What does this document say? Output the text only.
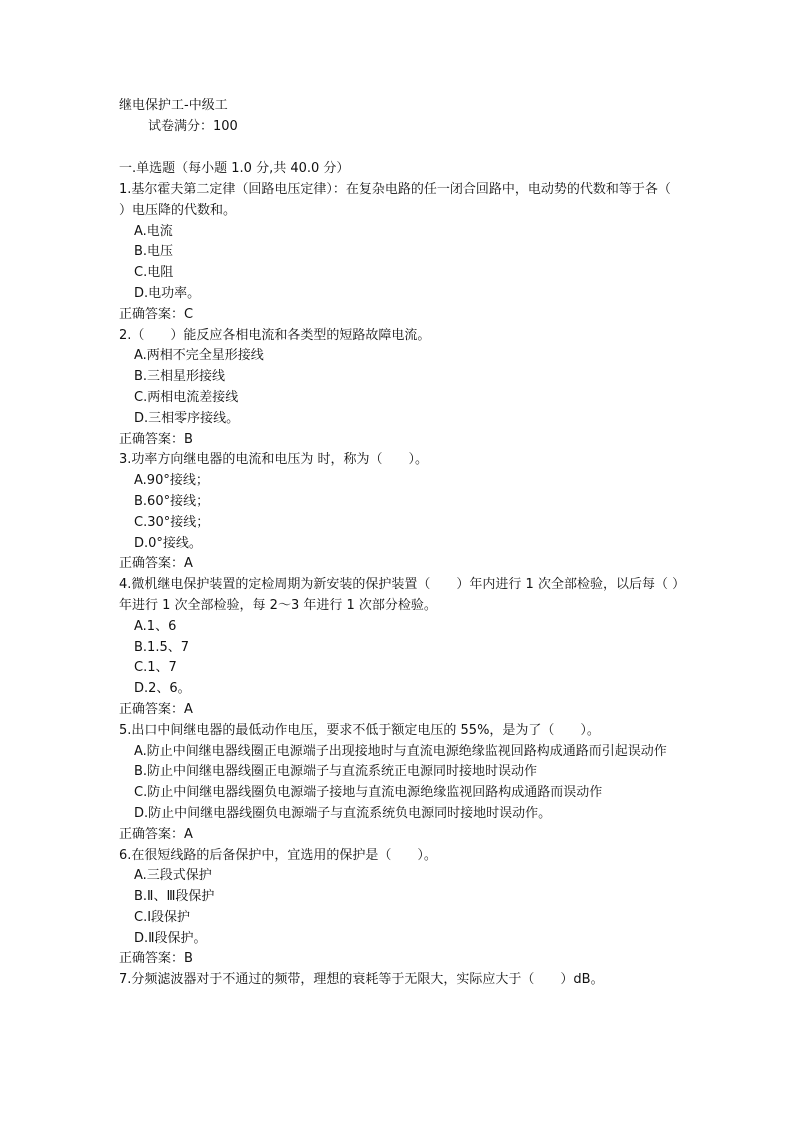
继电保护工-中级工
试卷满分：100
一.单选题（每小题 1.0 分,共 40.0 分）

1.基尔霍夫第二定律（回路电压定律）：在复杂电路的任一闭合回路中，电动势的代数和等于各（　　）电压降的代数和。

A.电流

B.电压

C.电阻

D.电功率。

正确答案：C

2.（　　）能反应各相电流和各类型的短路故障电流。

A.两相不完全星形接线

B.三相星形接线

C.两相电流差接线

D.三相零序接线。

正确答案：B

3.功率方向继电器的电流和电压为 时，称为（　　）。

A.90°接线；

B.60°接线；

C.30°接线；

D.0°接线。

正确答案：A

4.微机继电保护装置的定检周期为新安装的保护装置（　　）年内进行 1 次全部检验，以后每（ ）年进行 1 次全部检验，每 2～3 年进行 1 次部分检验。

A.1、6

B.1.5、7

C.1、7

D.2、6。

正确答案：A

5.出口中间继电器的最低动作电压，要求不低于额定电压的 55%，是为了（　　）。

A.防止中间继电器线圈正电源端子出现接地时与直流电源绝缘监视回路构成通路而引起误动作

B.防止中间继电器线圈正电源端子与直流系统正电源同时接地时误动作

C.防止中间继电器线圈负电源端子接地与直流电源绝缘监视回路构成通路而误动作

D.防止中间继电器线圈负电源端子与直流系统负电源同时接地时误动作。

正确答案：A

6.在很短线路的后备保护中，宜选用的保护是（　　）。

A.三段式保护

B.Ⅱ、Ⅲ段保护

C.Ⅰ段保护

D.Ⅱ段保护。

正确答案：B

7.分频滤波器对于不通过的频带，理想的衰耗等于无限大，实际应大于（　　）dB。
